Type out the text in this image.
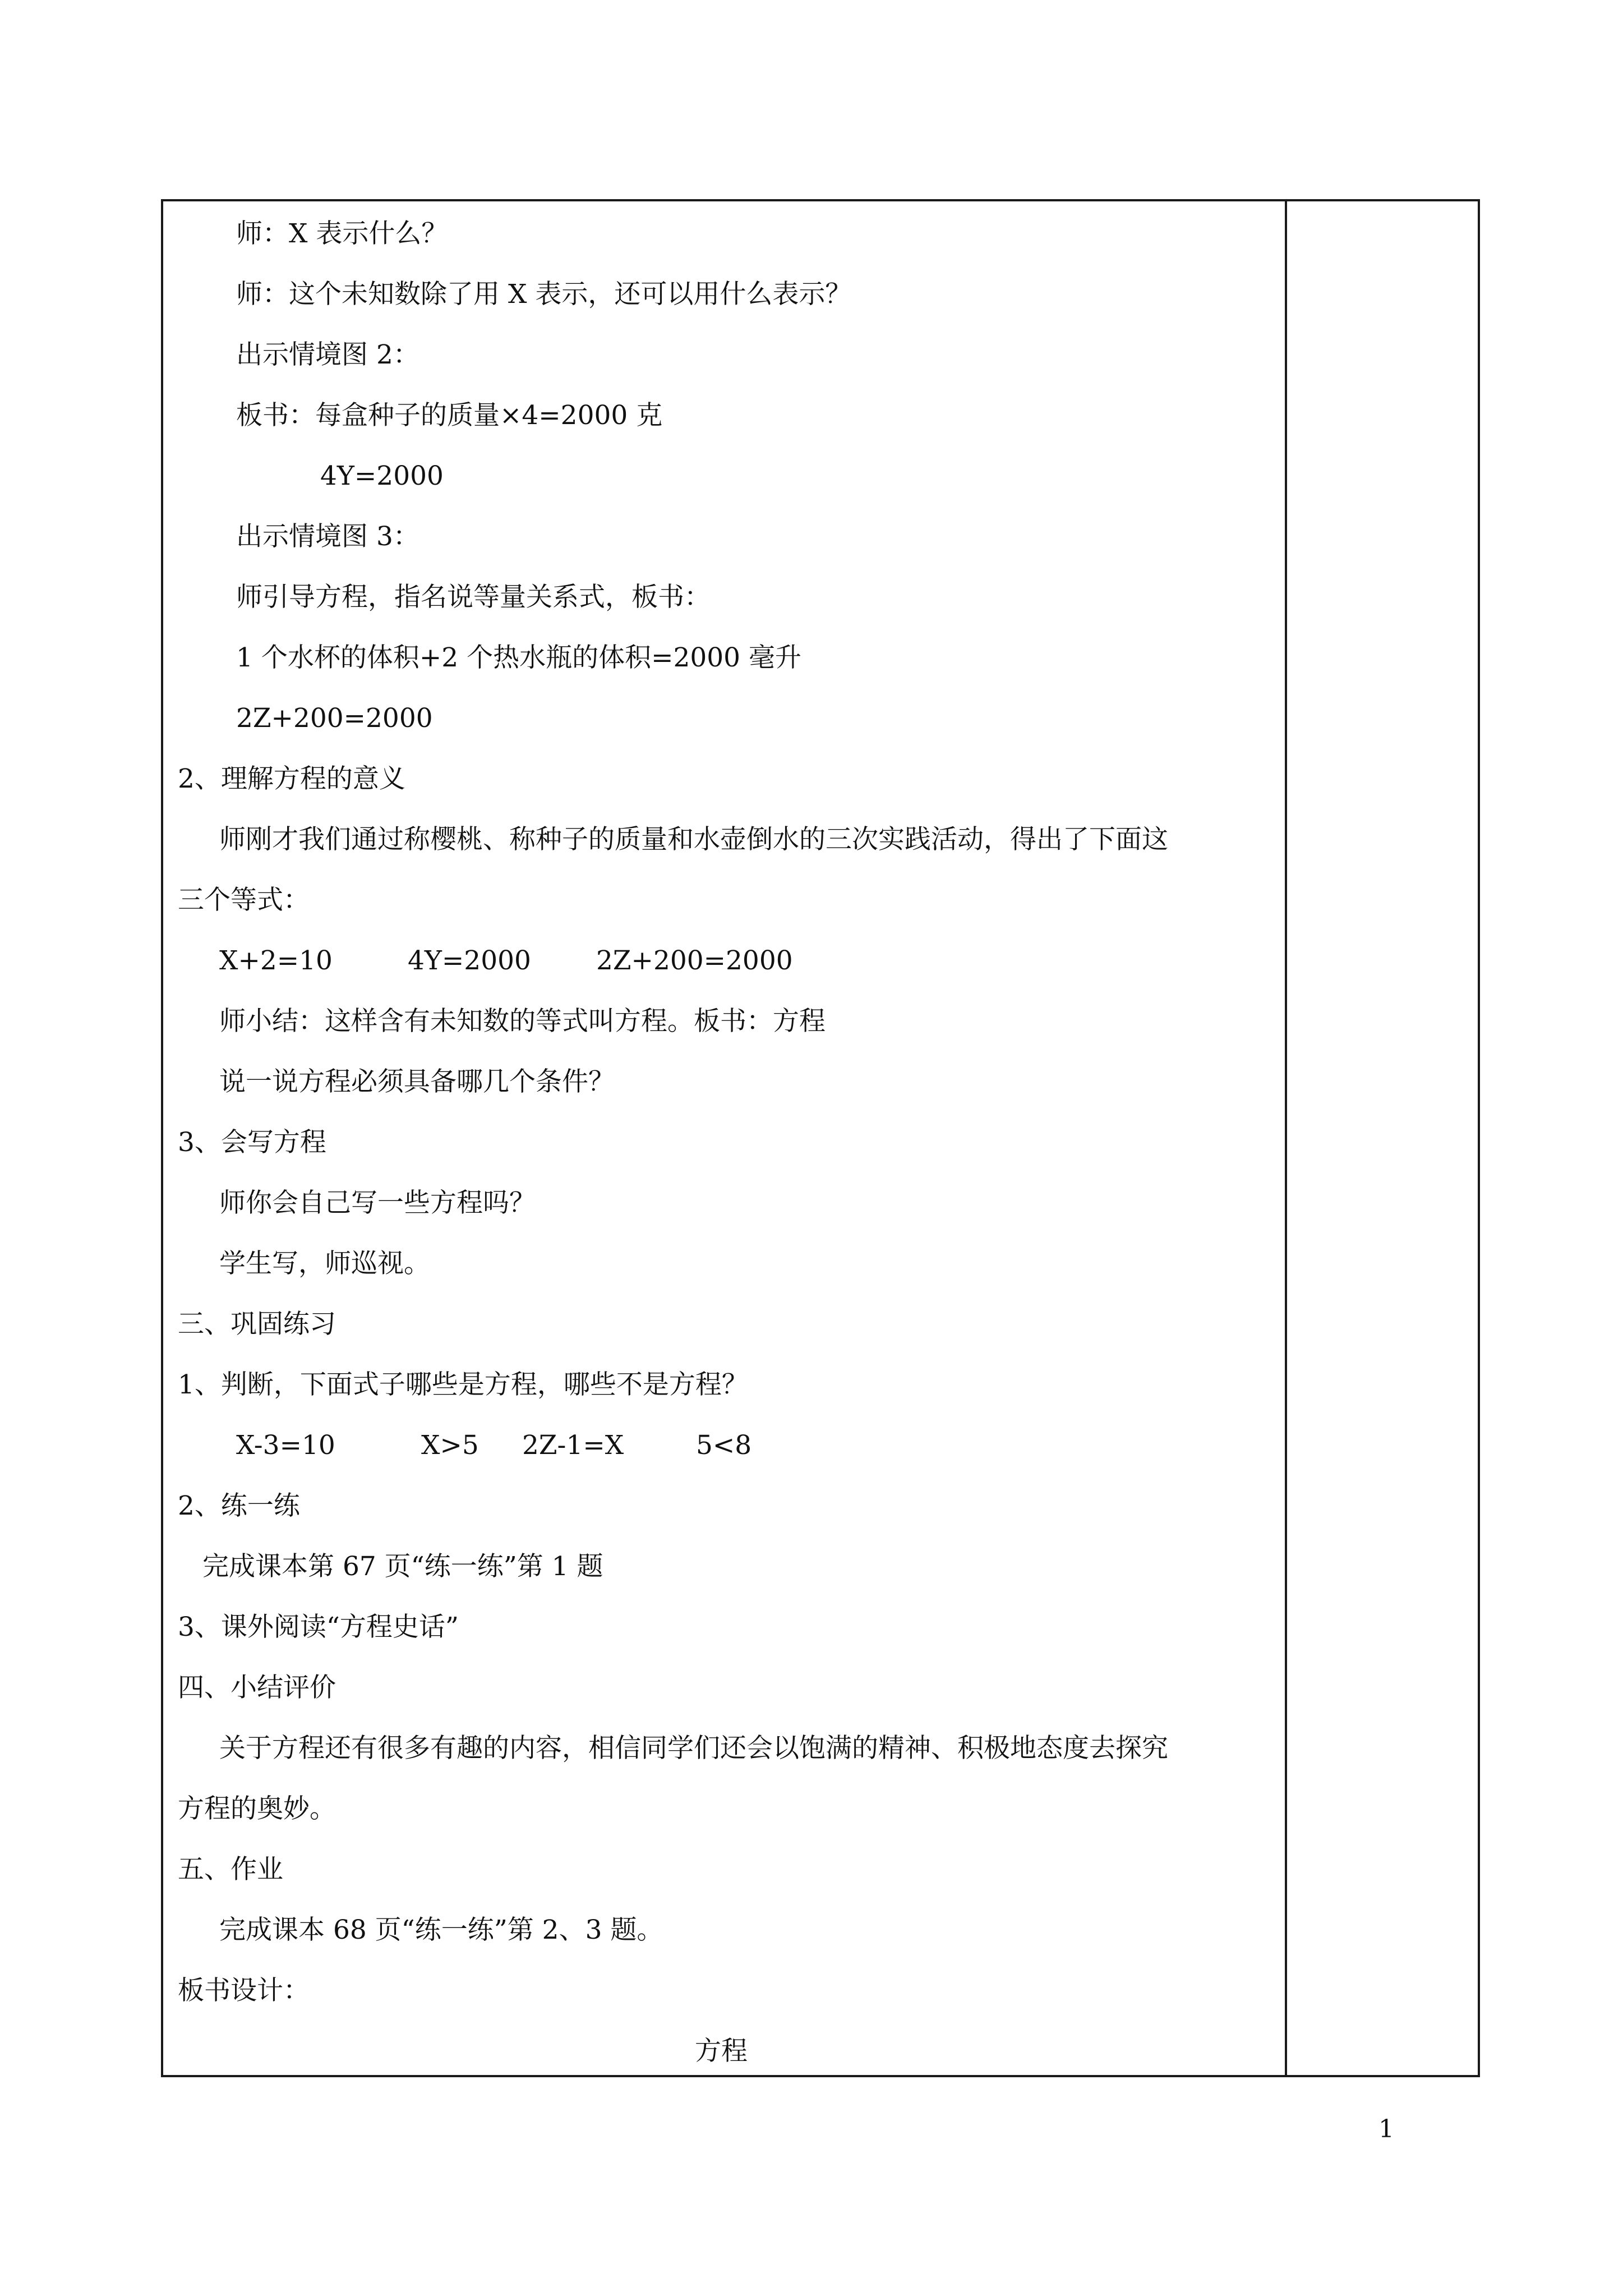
师：X 表示什么？
师：这个未知数除了用 X 表示，还可以用什么表示？
出示情境图 2：
板书：每盒种子的质量×4=2000 克
4Y=2000
出示情境图 3：
师引导方程，指名说等量关系式，板书：
1 个水杯的体积+2 个热水瓶的体积=2000 毫升
2Z+200=2000
2、理解方程的意义
师刚才我们通过称樱桃、称种子的质量和水壶倒水的三次实践活动，得出了下面这
三个等式：
X+2=10	4Y=2000 2Z+200=2000
师小结：这样含有未知数的等式叫方程。板书：方程
说一说方程必须具备哪几个条件？
3、会写方程
师你会自己写一些方程吗？
学生写，师巡视。
三、巩固练习
1、判断，下面式子哪些是方程，哪些不是方程？
X-3=10	X>5 2Z-1=X	5<8
2、练一练
完成课本第 67 页“练一练”第 1 题
3、课外阅读“方程史话”
四、小结评价
关于方程还有很多有趣的内容，相信同学们还会以饱满的精神、积极地态度去探究
方程的奥妙。
五、作业
完成课本 68 页“练一练”第 2、3 题。
板书设计：
方程
1
